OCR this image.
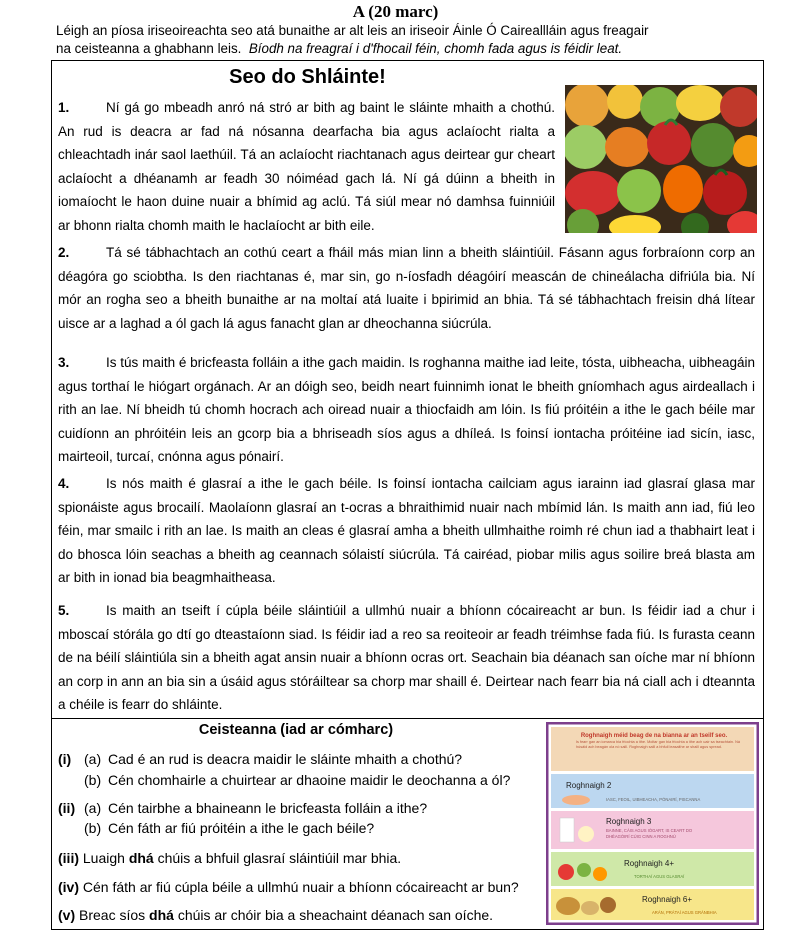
A (20 marc)
Léigh an píosa iriseoireachta seo atá bunaithe ar alt leis an iriseoir Áinle Ó Caireallláin agus freagair
na ceisteanna a ghabhann leis. Bíodh na freagraí i d'fhocail féin, chomh fada agus is féidir leat.
Seo do Shláinte!

1.	Ní gá go mbeadh anró ná stró ar bith ag baint le sláinte mhaith a chothú. An rud is deacra ar fad ná nósanna dearfacha bia agus aclaíocht rialta a chleachtadh inár saol laethúil. Tá an aclaíocht riachtanach agus deirtear gur cheart aclaíocht a dhéanamh ar feadh 30 nóiméad gach lá. Ní gá dúinn a bheith in iomaíocht le haon duine nuair a bhímid ag aclú. Tá siúl mear nó damhsa fuinniúil ar bhonn rialta chomh maith le haclaíocht ar bith eile.

2.	Tá sé tábhachtach an cothú ceart a fháil más mian linn a bheith sláintiúil. Fásann agus forbraíonn corp an déagóra go sciobtha. Is den riachtanas é, mar sin, go n-íosfadh déagóirí meascán de chineálacha difriúla bia. Ní mór an rogha seo a bheith bunaithe ar na moltaí atá luaite i bpirimid an bhia. Tá sé tábhachtach freisin dhá lítear uisce ar a laghad a ól gach lá agus fanacht glan ar dheochanna siúcrúla.

3.	Is tús maith é bricfeasta folláin a ithe gach maidin. Is roghanna maithe iad leite, tósta, uibheacha, uibheagáin agus torthaí le hiógart orgánach. Ar an dóigh seo, beidh neart fuinnimh ionat le bheith gníomhach agus airdeallach i rith an lae. Ní bheidh tú chomh hocrach ach oiread nuair a thiocfaidh am lóin. Is fiú próitéin a ithe le gach béile mar cuidíonn an phróitéin leis an gcorp bia a bhriseadh síos agus a dhíleá. Is foinsí iontacha próitéine iad sicín, iasc, mairteoil, turcaí, cnónna agus pónairí.

4.	Is nós maith é glasraí a ithe le gach béile. Is foinsí iontacha cailciam agus iarainn iad glasraí glasa mar spionáiste agus brocailí. Maolaíonn glasraí an t-ocras a bhraithimid nuair nach mbímid lán. Is maith ann iad, fiú leo féin, mar smailc i rith an lae. Is maith an cleas é glasraí amha a bheith ullmhaithe roimh ré chun iad a thabhairt leat i do bhosca lóin seachas a bheith ag ceannach sólaistí siúcrúla. Tá cairéad, piobar milis agus soilire breá blasta am ar bith in ionad bia beagmhaitheasa.

5.	Is maith an tseift í cúpla béile sláintiúil a ullmhú nuair a bhíonn cócaireacht ar bun. Is féidir iad a chur i mboscaí stórála go dtí go dteastaíonn siad. Is féidir iad a reo sa reoiteoir ar feadh tréimhse fada fiú. Is furasta ceann de na béilí sláintiúla sin a bheith agat ansin nuair a bhíonn ocras ort. Seachain bia déanach san oíche mar ní bhíonn an corp in ann an bia sin a úsáid agus stóráiltear sa chorp mar shaill é. Deirtear nach fearr bia ná ciall ach i dteannta a chéile is fearr do shláinte.

Ceisteanna (iad ar cómharc)
(i) (a) Cad é an rud is deacra maidir le sláinte mhaith a chothú?
(b) Cén chomhairle a chuirtear ar dhaoine maidir le deochanna a ól?
(ii) (a) Cén tairbhe a bhaineann le bricfeasta folláin a ithe?
(b) Cén fáth ar fiú próitéin a ithe le gach béile?
(iii) Luaigh dhá chúis a bhfuil glasraí sláintiúil mar bhia.
(iv) Cén fáth ar fiú cúpla béile a ullmhú nuair a bhíonn cócaireacht ar bun?
(v) Breac síos dhá chúis ar chóir bia a sheachaint déanach san oíche.
Roghnaigh méid beag de na bianna ar an tseilf seo.
Is fearr gan an iomarca bia friochta a ithe. Moltar gan bia friochta a ithe ach uair sa tseachtain. Ná húsáid ach beagán ola nó saill. Roghnaigh saill a bhfuil leasaithe ar shaill agus spread.
Roghnaigh 2
IASC, FEOIL, UIBHEACHA, PÓNAIRÍ, PISCANNA
Roghnaigh 3
BAINNE, CÁIS AGUS IÓGART, IS CEART DO DHÉAGÓIRÍ CÚIG CINN A ROGHNÚ
Roghnaigh 4+
TORTHAÍ AGUS GLASRAÍ
Roghnaigh 6+
ARÁN, PRÁTAÍ AGUS GRÁNBHIA
